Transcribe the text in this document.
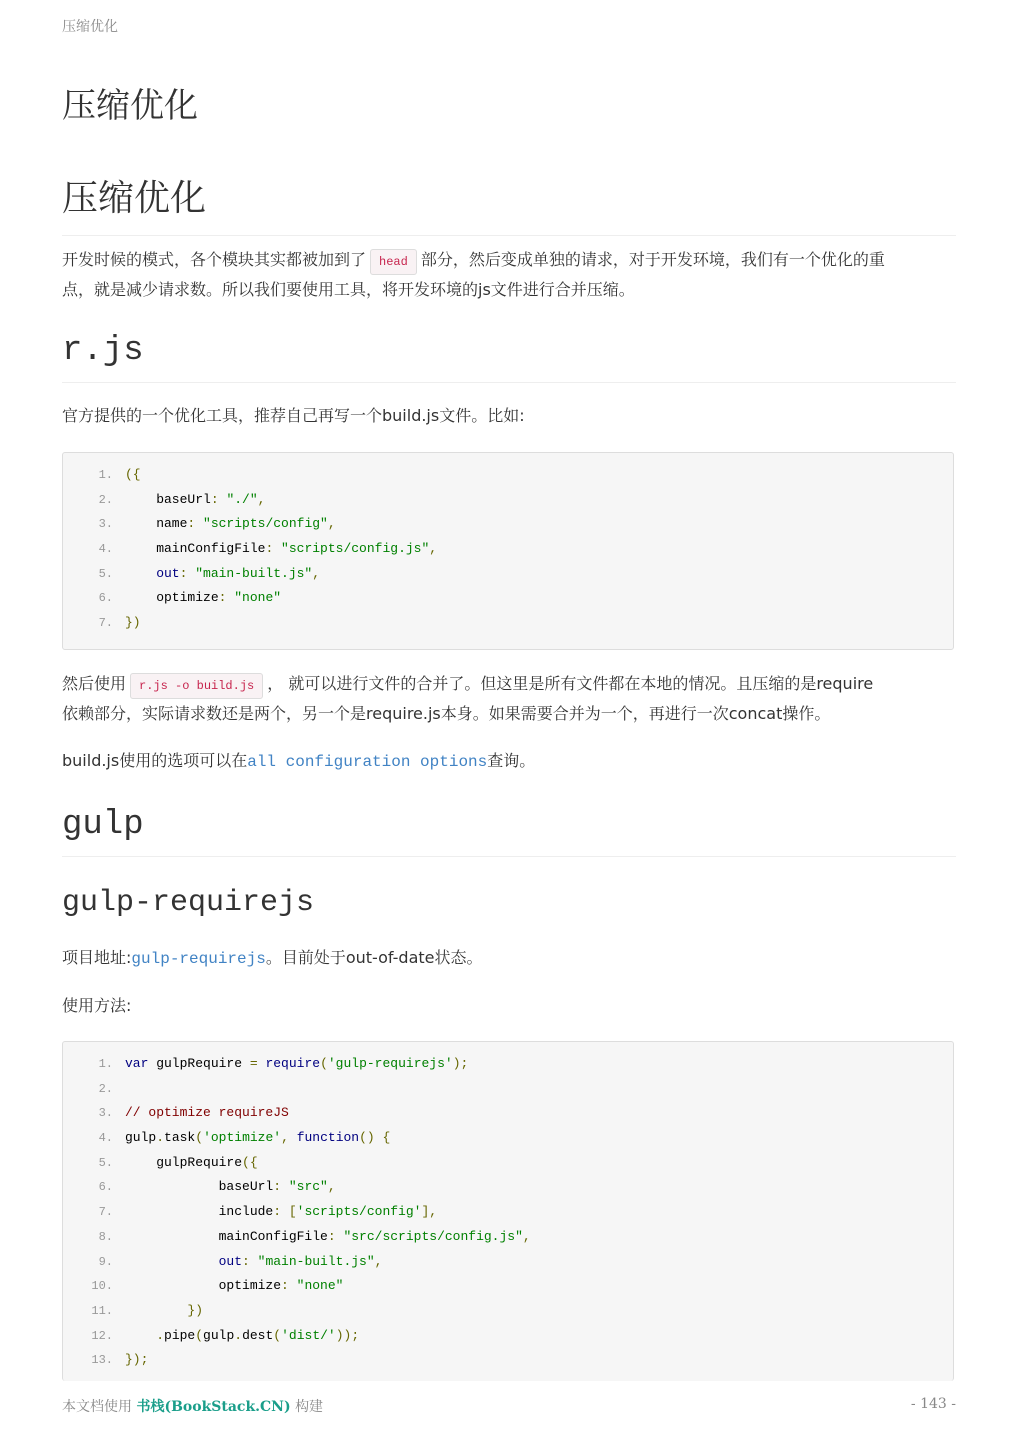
压缩优化
压缩优化
压缩优化

开发时候的模式，各个模块其实都被加到了 head 部分，然后变成单独的请求，对于开发环境，我们有一个优化的重
点，就是减少请求数。所以我们要使用工具，将开发环境的js文件进行合并压缩。

r.js

官方提供的一个优化工具，推荐自己再写一个build.js文件。比如:

1. ({
2. baseUrl: "./",
3. name: "scripts/config",
4. mainConfigFile: "scripts/config.js",
5. out: "main-built.js",
6. optimize: "none"
7. })

然后使用 r.js -o build.js ， 就可以进行文件的合并了。但这里是所有文件都在本地的情况。且压缩的是require
依赖部分，实际请求数还是两个，另一个是require.js本身。如果需要合并为一个，再进行一次concat操作。

build.js使用的选项可以在all configuration options查询。

gulp
gulp-requirejs

项目地址:gulp-requirejs。目前处于out-of-date状态。

使用方法:

1. var gulpRequire = require('gulp-requirejs');
2.
3. // optimize requireJS
4. gulp.task('optimize', function() {
5. gulpRequire({
6. baseUrl: "src",
7. include: ['scripts/config'],
8. mainConfigFile: "src/scripts/config.js",
9. out: "main-built.js",
10. optimize: "none"
11. })
12. .pipe(gulp.dest('dist/'));
13. });
本文档使用 书栈(BookStack.CN) 构建	- 143 -
